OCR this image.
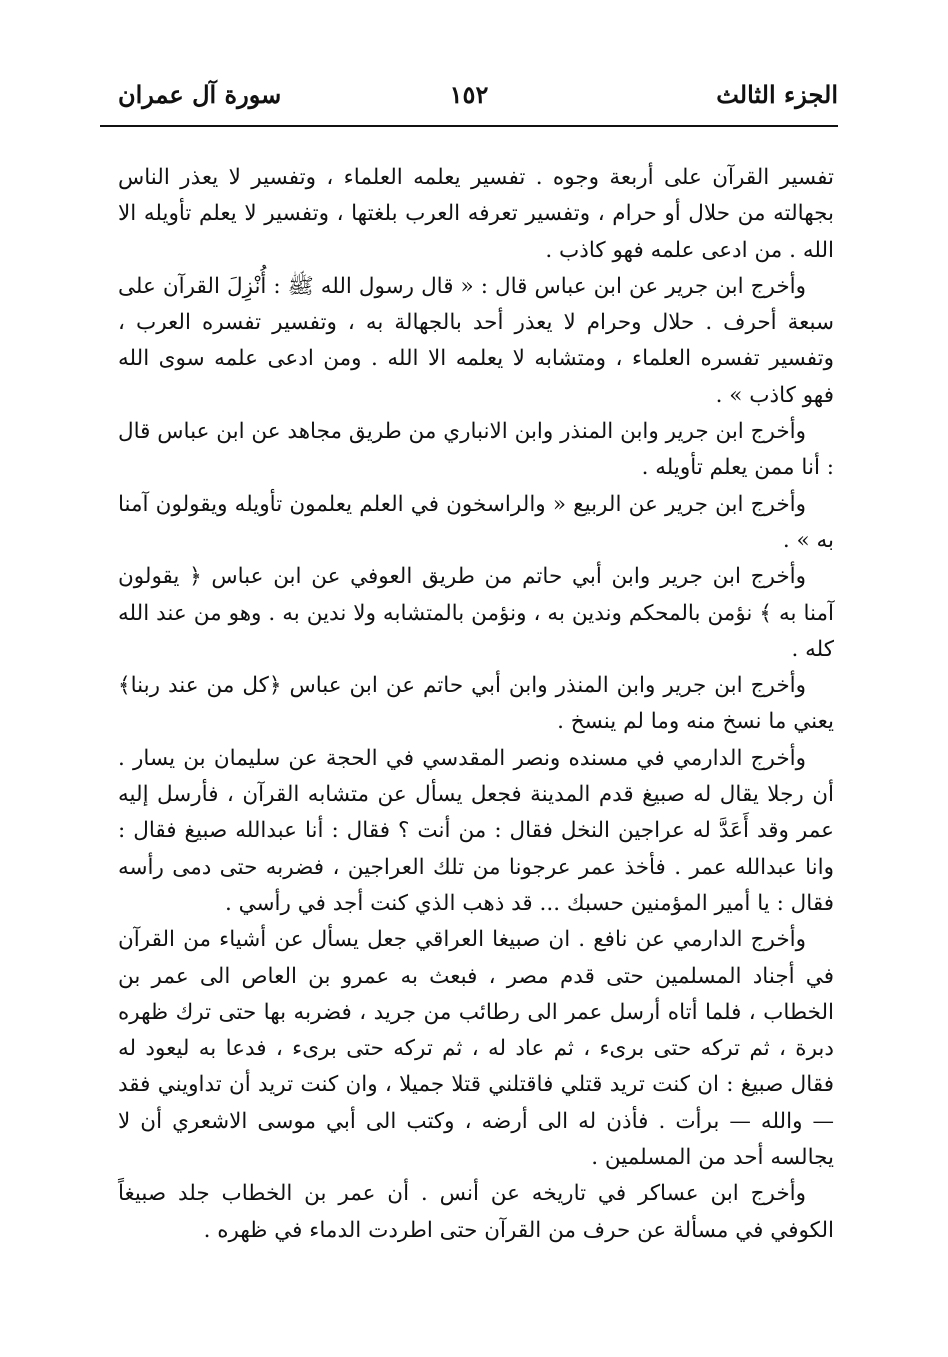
الجزء الثالث
١٥٢
سورة آل عمران

تفسير القرآن على أربعة وجوه . تفسير يعلمه العلماء ، وتفسير لا يعذر الناس بجهالته من حلال أو حرام ، وتفسير تعرفه العرب بلغتها ، وتفسير لا يعلم تأويله الا الله . من ادعى علمه فهو كاذب .

وأخرج ابن جرير عن ابن عباس قال : « قال رسول الله ﷺ : أُنْزِلَ القرآن على سبعة أحرف . حلال وحرام لا يعذر أحد بالجهالة به ، وتفسير تفسره العرب ، وتفسير تفسره العلماء ، ومتشابه لا يعلمه الا الله . ومن ادعى علمه سوى الله فهو كاذب » .

وأخرج ابن جرير وابن المنذر وابن الانباري من طريق مجاهد عن ابن عباس قال : أنا ممن يعلم تأويله .

وأخرج ابن جرير عن الربيع « والراسخون في العلم يعلمون تأويله ويقولون آمنا به » .

وأخرج ابن جرير وابن أبي حاتم من طريق العوفي عن ابن عباس ﴿ يقولون آمنا به ﴾ نؤمن بالمحكم وندين به ، ونؤمن بالمتشابه ولا ندين به . وهو من عند الله كله .

وأخرج ابن جرير وابن المنذر وابن أبي حاتم عن ابن عباس ﴿كل من عند ربنا﴾ يعني ما نسخ منه وما لم ينسخ .

وأخرج الدارمي في مسنده ونصر المقدسي في الحجة عن سليمان بن يسار . أن رجلا يقال له صبيغ قدم المدينة فجعل يسأل عن متشابه القرآن ، فأرسل إليه عمر وقد أَعَدَّ له عراجين النخل فقال : من أنت ؟ فقال : أنا عبدالله صبيغ فقال : وانا عبدالله عمر . فأخذ عمر عرجونا من تلك العراجين ، فضربه حتى دمى رأسه فقال : يا أمير المؤمنين حسبك ... قد ذهب الذي كنت أجد في رأسي .

وأخرج الدارمي عن نافع . ان صبيغا العراقي جعل يسأل عن أشياء من القرآن في أجناد المسلمين حتى قدم مصر ، فبعث به عمرو بن العاص الى عمر بن الخطاب ، فلما أتاه أرسل عمر الى رطائب من جريد ، فضربه بها حتى ترك ظهره دبرة ، ثم تركه حتى برىء ، ثم عاد له ، ثم تركه حتى برىء ، فدعا به ليعود له فقال صبيغ : ان كنت تريد قتلي فاقتلني قتلا جميلا ، وان كنت تريد أن تداويني فقد — والله — برأت . فأذن له الى أرضه ، وكتب الى أبي موسى الاشعري أن لا يجالسه أحد من المسلمين .

وأخرج ابن عساكر في تاريخه عن أنس . أن عمر بن الخطاب جلد صبيغاً الكوفي في مسألة عن حرف من القرآن حتى اطردت الدماء في ظهره .
